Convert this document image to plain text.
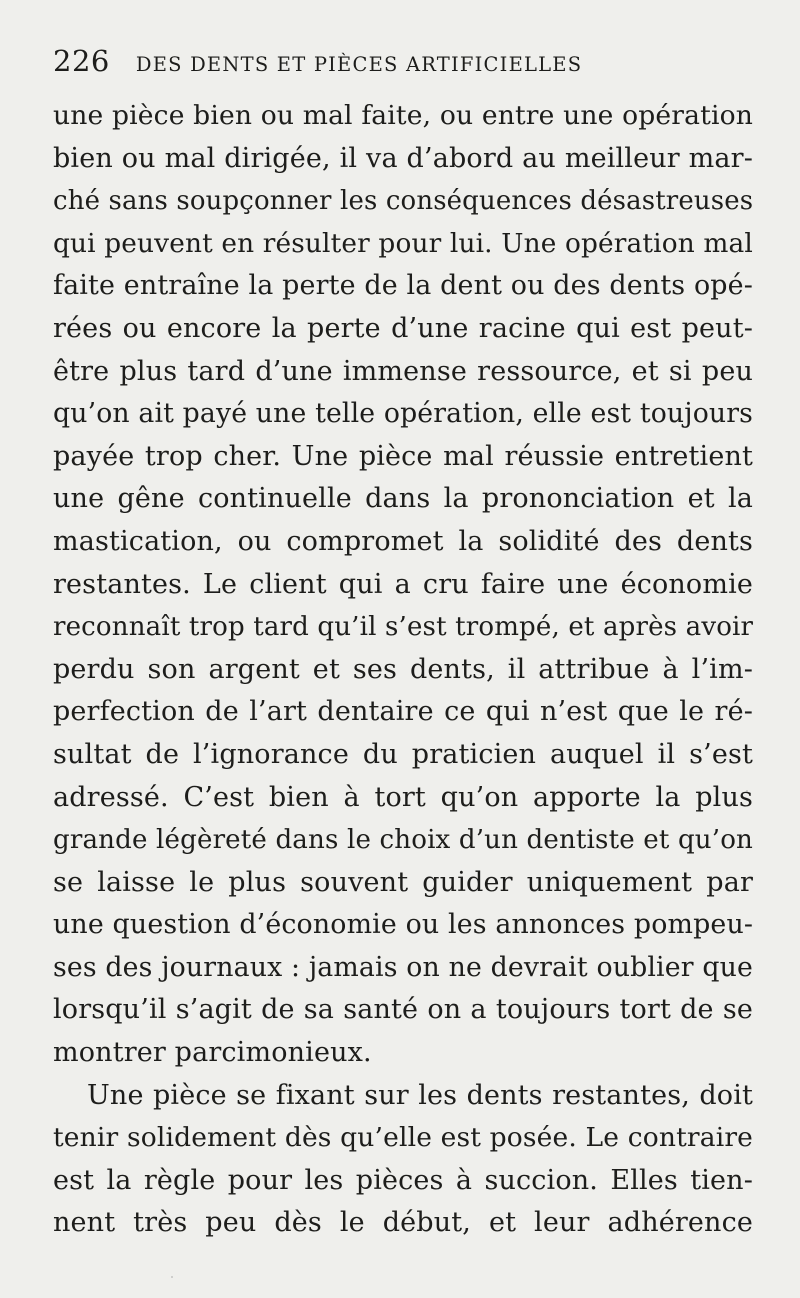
226 DES DENTS ET PIÈCES ARTIFICIELLES
une pièce bien ou mal faite, ou entre une opération
bien ou mal dirigée, il va d’abord au meilleur mar-
ché sans soupçonner les conséquences désastreuses
qui peuvent en résulter pour lui. Une opération mal
faite entraîne la perte de la dent ou des dents opé-
rées ou encore la perte d’une racine qui est peut-
être plus tard d’une immense ressource, et si peu
qu’on ait payé une telle opération, elle est toujours
payée trop cher. Une pièce mal réussie entretient
une gêne continuelle dans la prononciation et la
mastication, ou compromet la solidité des dents
restantes. Le client qui a cru faire une économie
reconnaît trop tard qu’il s’est trompé, et après avoir
perdu son argent et ses dents, il attribue à l’im-
perfection de l’art dentaire ce qui n’est que le ré-
sultat de l’ignorance du praticien auquel il s’est
adressé. C’est bien à tort qu’on apporte la plus
grande légèreté dans le choix d’un dentiste et qu’on
se laisse le plus souvent guider uniquement par
une question d’économie ou les annonces pompeu-
ses des journaux : jamais on ne devrait oublier que
lorsqu’il s’agit de sa santé on a toujours tort de se
montrer parcimonieux.
Une pièce se fixant sur les dents restantes, doit
tenir solidement dès qu’elle est posée. Le contraire
est la règle pour les pièces à succion. Elles tien-
nent très peu dès le début, et leur adhérence
